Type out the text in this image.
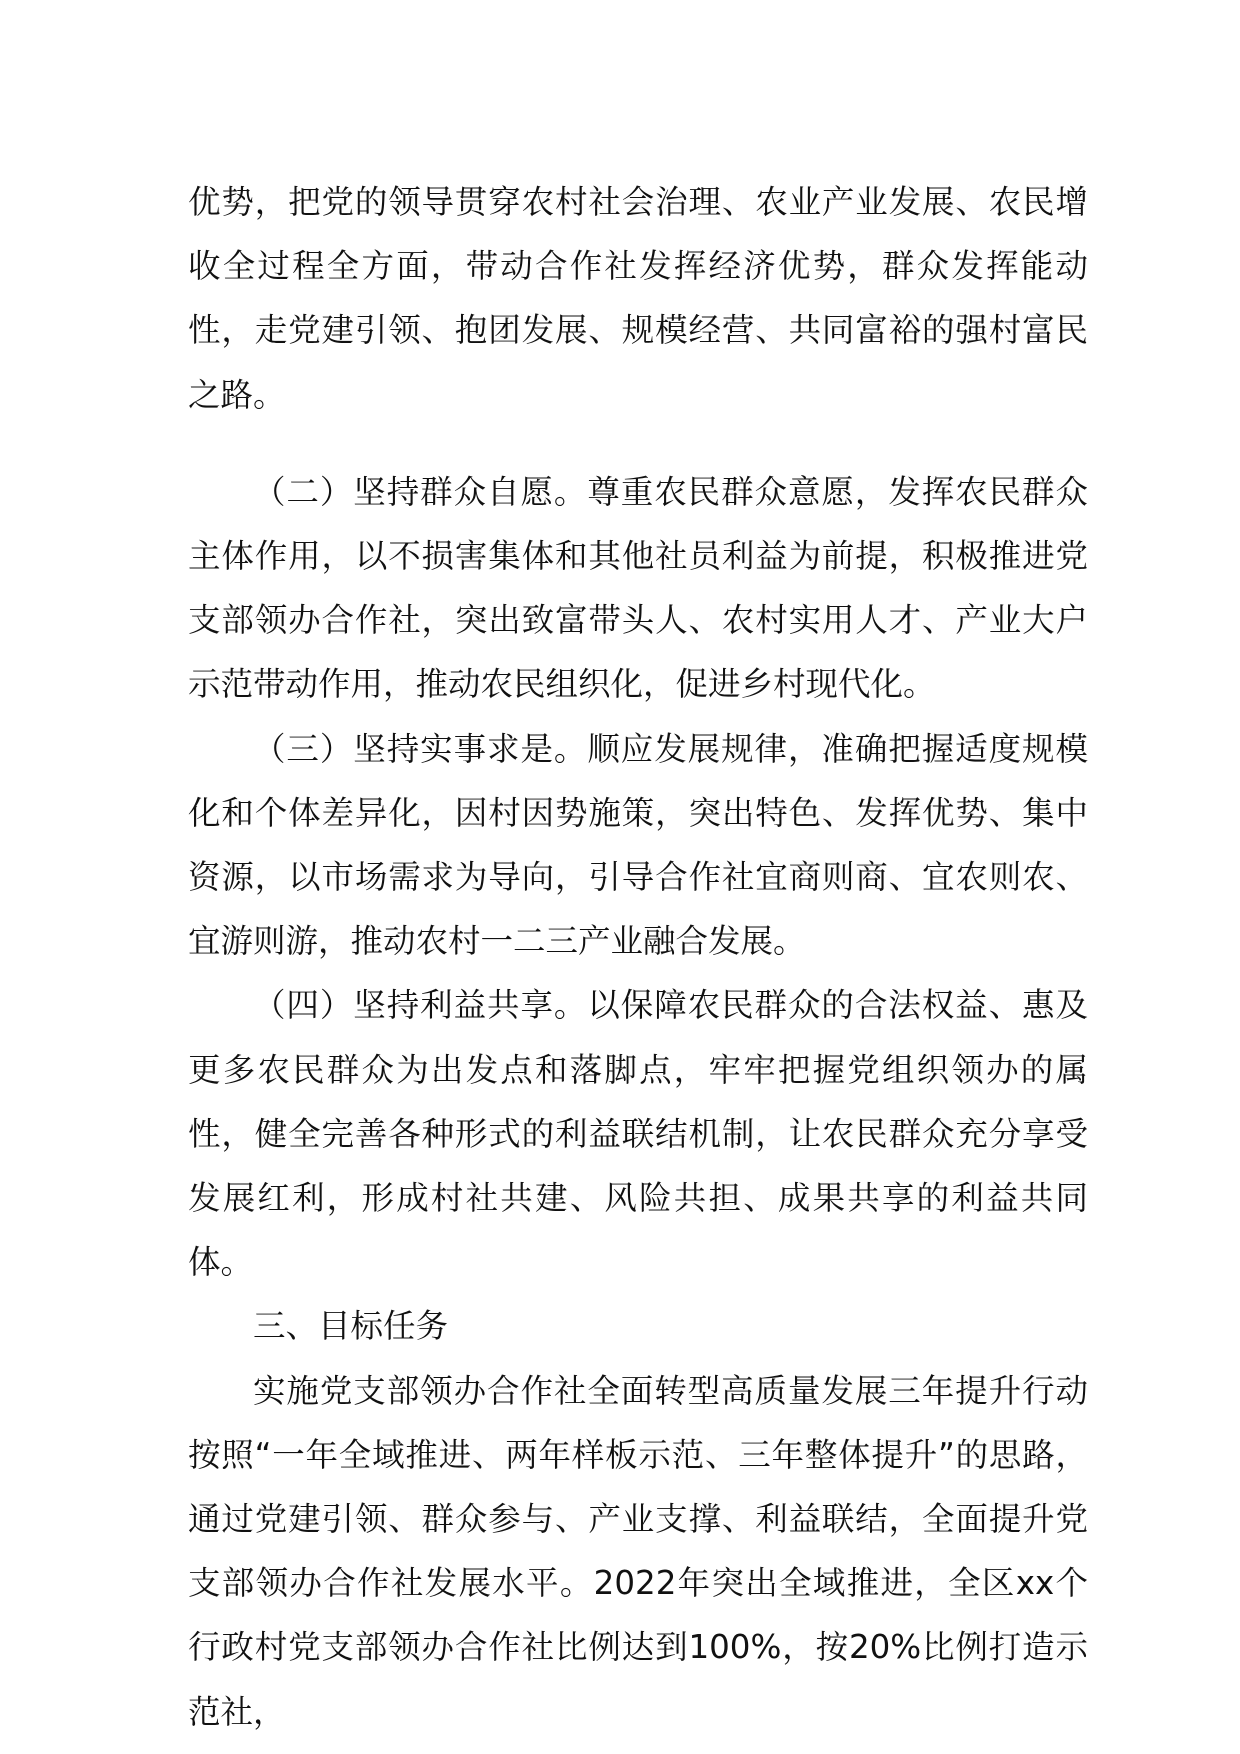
优势，把党的领导贯穿农村社会治理、农业产业发展、农民增收全过程全方面，带动合作社发挥经济优势，群众发挥能动性，走党建引领、抱团发展、规模经营、共同富裕的强村富民之路。

（二）坚持群众自愿。尊重农民群众意愿，发挥农民群众主体作用，以不损害集体和其他社员利益为前提，积极推进党支部领办合作社，突出致富带头人、农村实用人才、产业大户示范带动作用，推动农民组织化，促进乡村现代化。

（三）坚持实事求是。顺应发展规律，准确把握适度规模化和个体差异化，因村因势施策，突出特色、发挥优势、集中资源，以市场需求为导向，引导合作社宜商则商、宜农则农、宜游则游，推动农村一二三产业融合发展。

（四）坚持利益共享。以保障农民群众的合法权益、惠及更多农民群众为出发点和落脚点，牢牢把握党组织领办的属性，健全完善各种形式的利益联结机制，让农民群众充分享受发展红利，形成村社共建、风险共担、成果共享的利益共同体。

三、目标任务

实施党支部领办合作社全面转型高质量发展三年提升行动按照“一年全域推进、两年样板示范、三年整体提升”的思路，通过党建引领、群众参与、产业支撑、利益联结，全面提升党支部领办合作社发展水平。2022年突出全域推进，全区xx个行政村党支部领办合作社比例达到100%，按20%比例打造示范社，
